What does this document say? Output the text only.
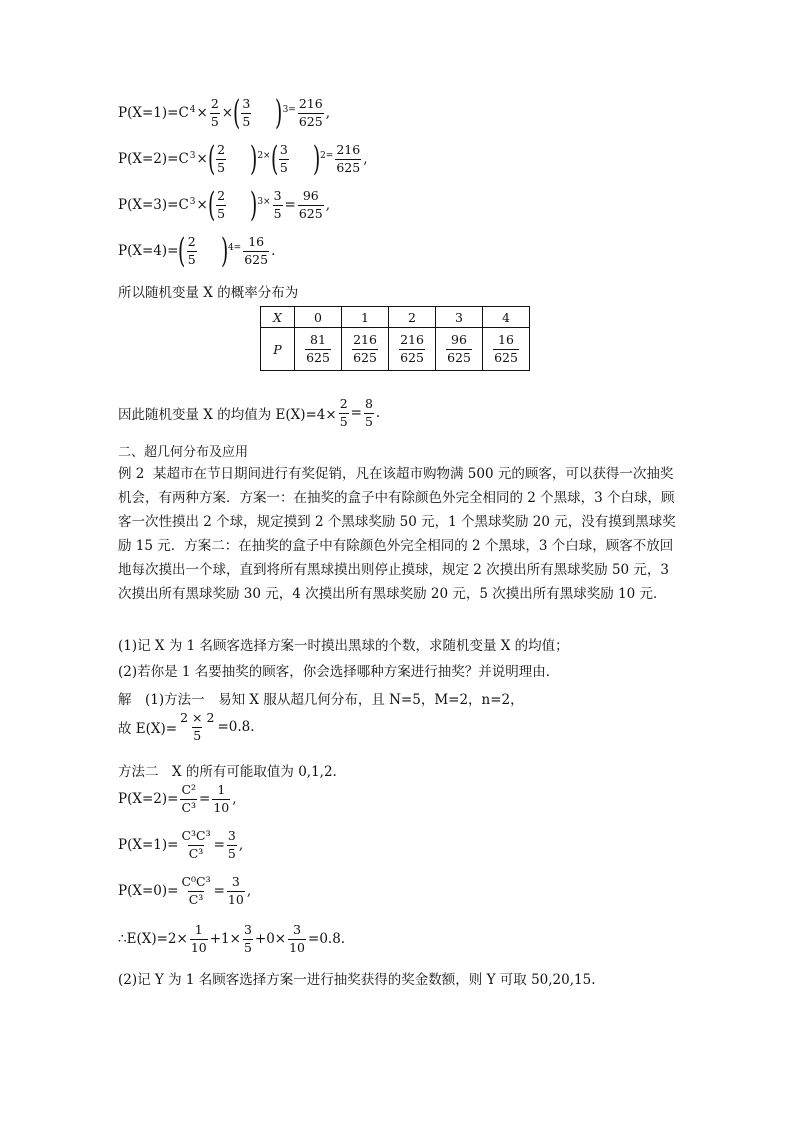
P(X=1)=C $4 \times \frac{2}{5}$ × ( $\frac{3}{5}$ ) $3= \frac{216}{625}$ ,
P(X=2)=C 3 × ( $\frac{2}{5}$ ) 2× ( $\frac{3}{5}$ ) $2= \frac{216}{625}$ ,
P(X=3)=C 3 × ( $\frac{2}{5}$ ) $3\times \frac{3}{5} = \frac{96}{625}$ ,
P(X=4)= ( $\frac{2}{5}$ ) $4= \frac{16}{625}$ .
所以随机变量 X 的概率分布为
X	0	1	2	3	4
P	$\frac{81}{625}$	$\frac{216}{625}$	$\frac{216}{625}$	$\frac{96}{625}$	$\frac{16}{625}$
因此随机变量 X 的均值为 $E(X)=4\times \frac{2}{5} = \frac{8}{5}$ .
二、超几何分布及应用
例 2 某超市在节日期间进行有奖促销，凡在该超市购物满 500 元的顾客，可以获得一次抽奖机会，有两种方案．方案一：在抽奖的盒子中有除颜色外完全相同的 2 个黑球，3 个白球，顾客一次性摸出 2 个球，规定摸到 2 个黑球奖励 50 元，1 个黑球奖励 20 元，没有摸到黑球奖励 15 元．方案二：在抽奖的盒子中有除颜色外完全相同的 2 个黑球，3 个白球，顾客不放回地每次摸出一个球，直到将所有黑球摸出则停止摸球，规定 2 次摸出所有黑球奖励 50 元，3 次摸出所有黑球奖励 30 元，4 次摸出所有黑球奖励 20 元，5 次摸出所有黑球奖励 10 元．
(1)记 X 为 1 名顾客选择方案一时摸出黑球的个数，求随机变量 X 的均值；
(2)若你是 1 名要抽奖的顾客，你会选择哪种方案进行抽奖？并说明理由．
解　(1)方法一　易知 X 服从超几何分布，且 N=5，M=2，n=2，
故 $E(X)= \frac{2 \times 2}{5} =0.8$.
方法二　X 的所有可能取值为 0,1,2.
$P(X=2)= \frac{\text{C²}}{\text{C³}} = \frac{1}{10}$ ,
$P(X=1)= \frac{\text{C³C³}}{\text{C³}} = \frac{3}{5}$ ,
$P(X=0)= \frac{\text{C⁰C³}}{\text{C³}} = \frac{3}{10}$ ,
∴E(X)=2× $\frac{1}{10} +1\times \frac{3}{5} +0\times \frac{3}{10} =0.8$.
(2)记 Y 为 1 名顾客选择方案一进行抽奖获得的奖金数额，则 Y 可取 50,20,15.
